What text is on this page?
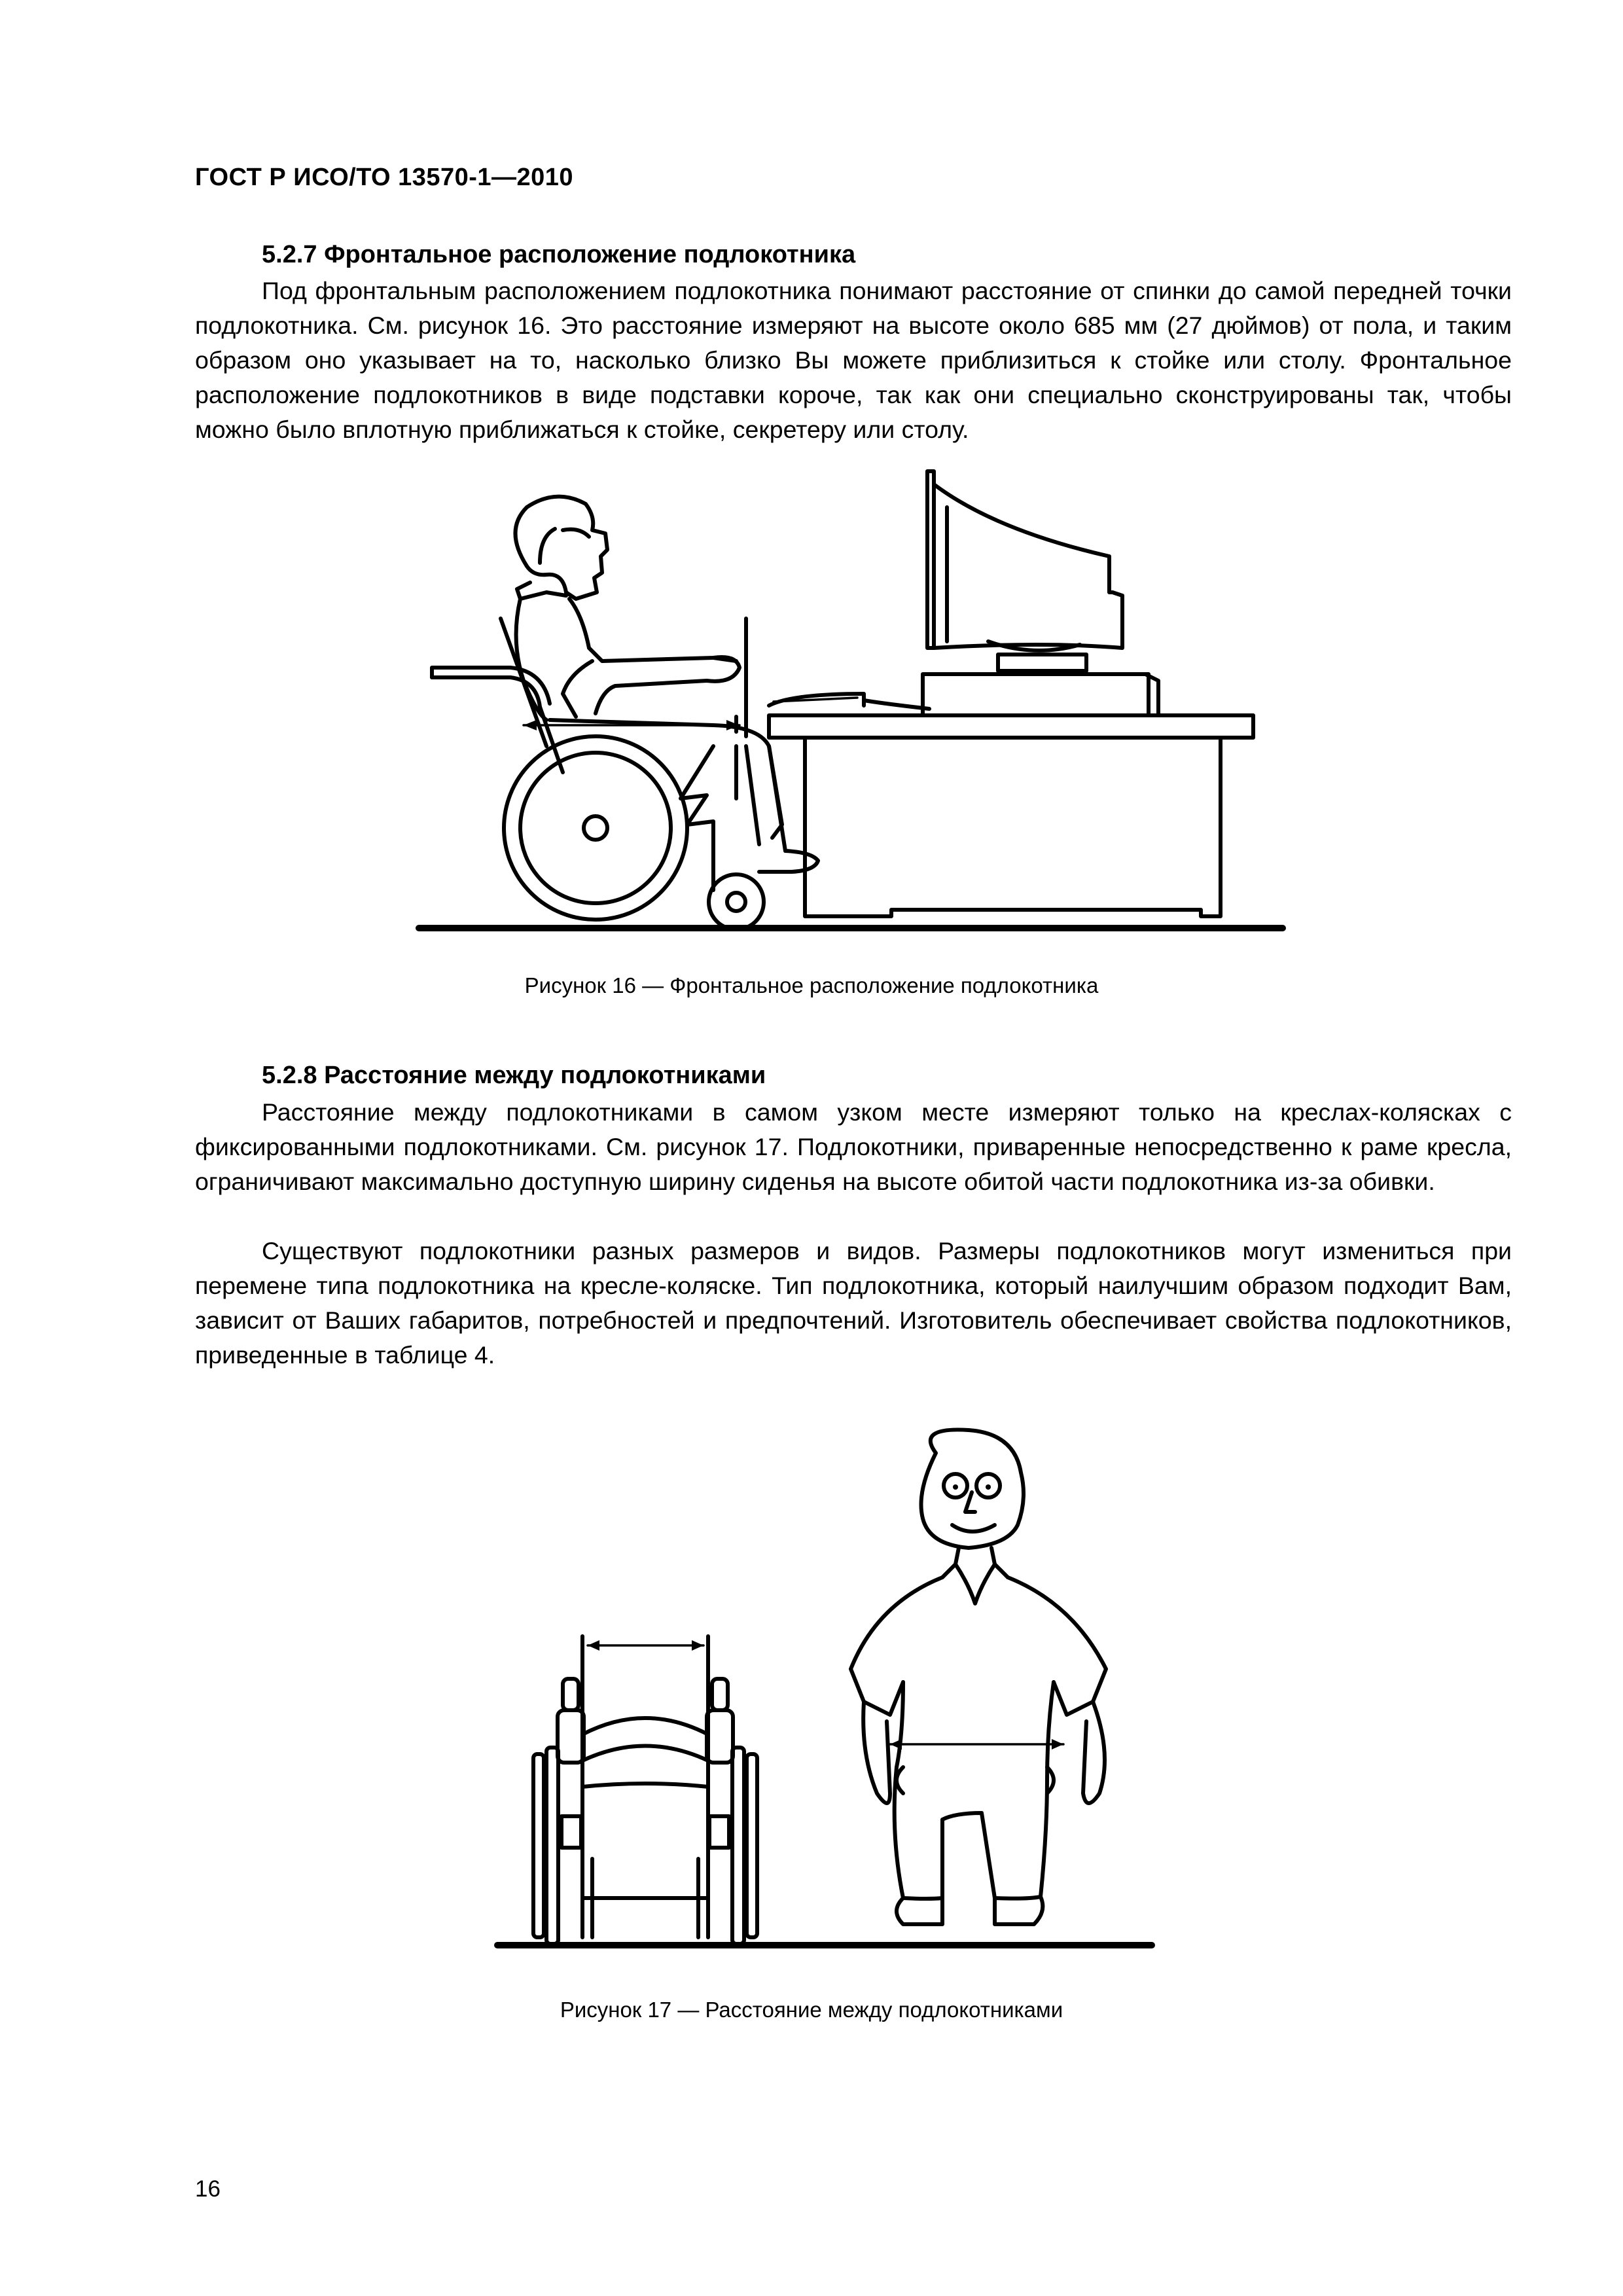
ГОСТ Р ИСО/ТО 13570-1—2010
5.2.7 Фронтальное расположение подлокотника
Под фронтальным расположением подлокотника понимают расстояние от спинки до самой передней точки подлокотника. См. рисунок 16. Это расстояние измеряют на высоте около 685 мм (27 дюймов) от пола, и таким образом оно указывает на то, насколько близко Вы можете приблизиться к стойке или столу. Фронтальное расположение подлокотников в виде подставки короче, так как они специально сконструированы так, чтобы можно было вплотную приближаться к стойке, секретеру или столу.
Рисунок 16 — Фронтальное расположение подлокотника
5.2.8 Расстояние между подлокотниками
Расстояние между подлокотниками в самом узком месте измеряют только на креслах-колясках с фиксированными подлокотниками. См. рисунок 17. Подлокотники, приваренные непосредственно к раме кресла, ограничивают максимально доступную ширину сиденья на высоте обитой части подлокотника из-за обивки.
Существуют подлокотники разных размеров и видов. Размеры подлокотников могут измениться при перемене типа подлокотника на кресле-коляске. Тип подлокотника, который наилучшим образом подходит Вам, зависит от Ваших габаритов, потребностей и предпочтений. Изготовитель обеспечивает свойства подлокотников, приведенные в таблице 4.
Рисунок 17 — Расстояние между подлокотниками
16
